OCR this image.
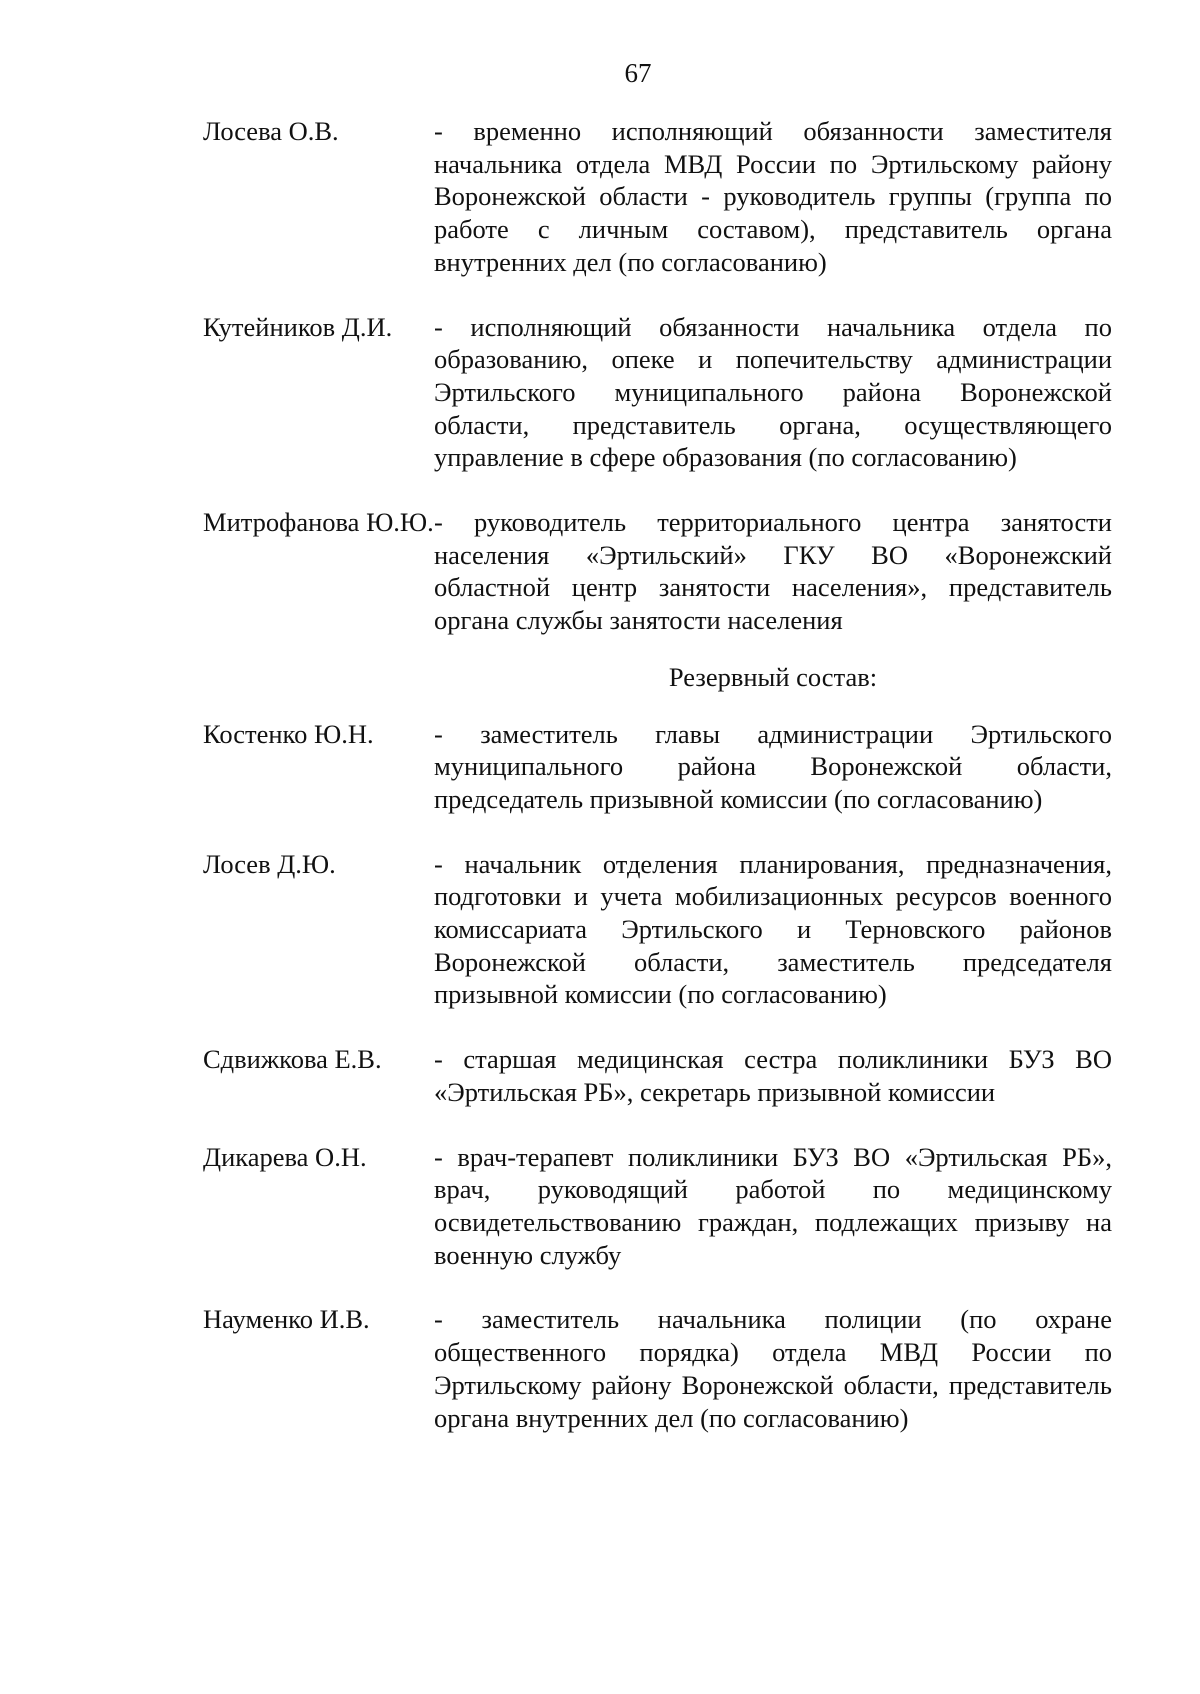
67
Лосева О.В.	- временно исполняющий обязанности заместителя начальника отдела МВД России по Эртильскому району Воронежской области - руководитель группы (группа по работе с личным составом), представитель органа внутренних дел (по согласованию)
Кутейников Д.И.	- исполняющий обязанности начальника отдела по образованию, опеке и попечительству администрации Эртильского муниципального района Воронежской области, представитель органа, осуществляющего управление в сфере образования (по согласованию)
Митрофанова Ю.Ю. - руководитель территориального центра занятости населения «Эртильский» ГКУ ВО «Воронежский областной центр занятости населения», представитель органа службы занятости населения
Резервный состав:
Костенко Ю.Н.	- заместитель главы администрации Эртильского муниципального района Воронежской области, председатель призывной комиссии (по согласованию)
Лосев Д.Ю.	- начальник отделения планирования, предназначения, подготовки и учета мобилизационных ресурсов военного комиссариата Эртильского и Терновского районов Воронежской области, заместитель председателя призывной комиссии (по согласованию)
Сдвижкова Е.В.	- старшая медицинская сестра поликлиники БУЗ ВО «Эртильская РБ», секретарь призывной комиссии
Дикарева О.Н.	- врач-терапевт поликлиники БУЗ ВО «Эртильская РБ», врач, руководящий работой по медицинскому освидетельствованию граждан, подлежащих призыву на военную службу
Науменко И.В.	- заместитель начальника полиции (по охране общественного порядка) отдела МВД России по Эртильскому району Воронежской области, представитель органа внутренних дел (по согласованию)
